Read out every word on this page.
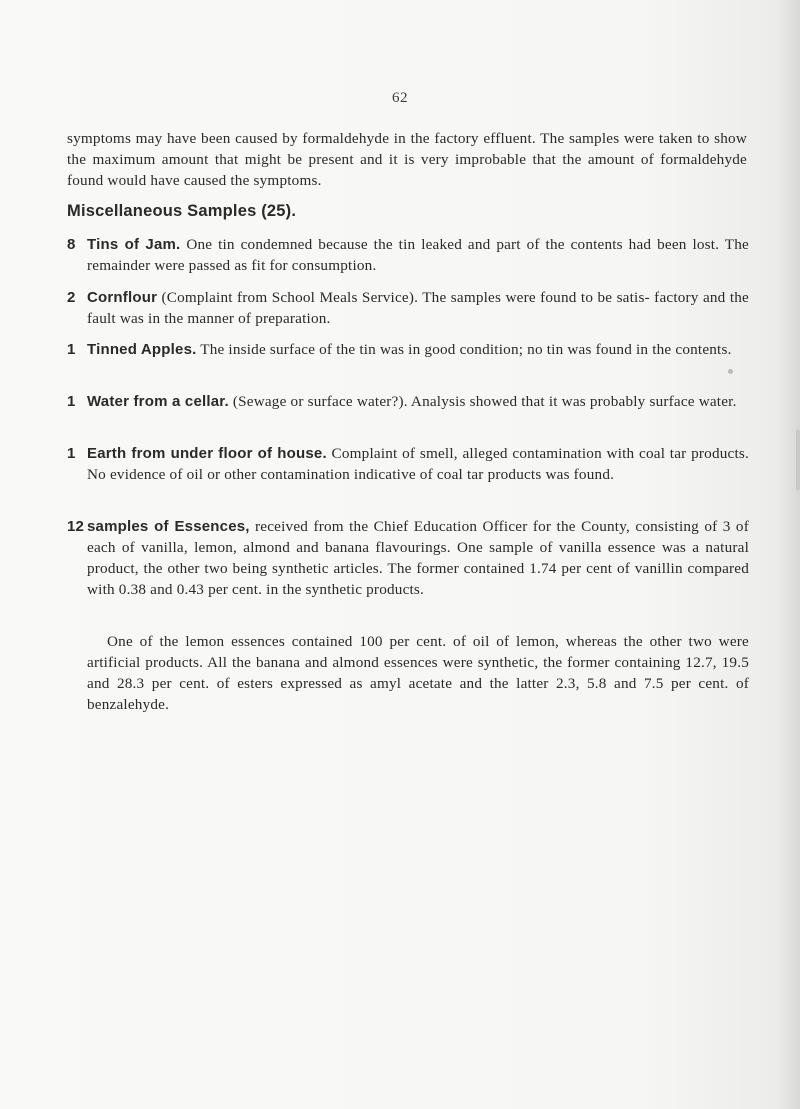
62
symptoms may have been caused by formaldehyde in the factory effluent. The samples were taken to show the maximum amount that might be present and it is very improbable that the amount of formaldehyde found would have caused the symptoms.
Miscellaneous Samples (25).
8 Tins of Jam. One tin condemned because the tin leaked and part of the contents had been lost. The remainder were passed as fit for consumption.
2 Cornflour (Complaint from School Meals Service). The samples were found to be satis- factory and the fault was in the manner of preparation.
1 Tinned Apples. The inside surface of the tin was in good condition; no tin was found in the contents.
1 Water from a cellar. (Sewage or surface water?). Analysis showed that it was probably surface water.
1 Earth from under floor of house. Complaint of smell, alleged contamination with coal tar products. No evidence of oil or other contamination indicative of coal tar products was found.
12 samples of Essences, received from the Chief Education Officer for the County, consisting of 3 of each of vanilla, lemon, almond and banana flavourings. One sample of vanilla essence was a natural product, the other two being synthetic articles. The former contained 1.74 per cent of vanillin compared with 0.38 and 0.43 per cent. in the synthetic products.
One of the lemon essences contained 100 per cent. of oil of lemon, whereas the other two were artificial products. All the banana and almond essences were synthetic, the former containing 12.7, 19.5 and 28.3 per cent. of esters expressed as amyl acetate and the latter 2.3, 5.8 and 7.5 per cent. of benzalehyde.
